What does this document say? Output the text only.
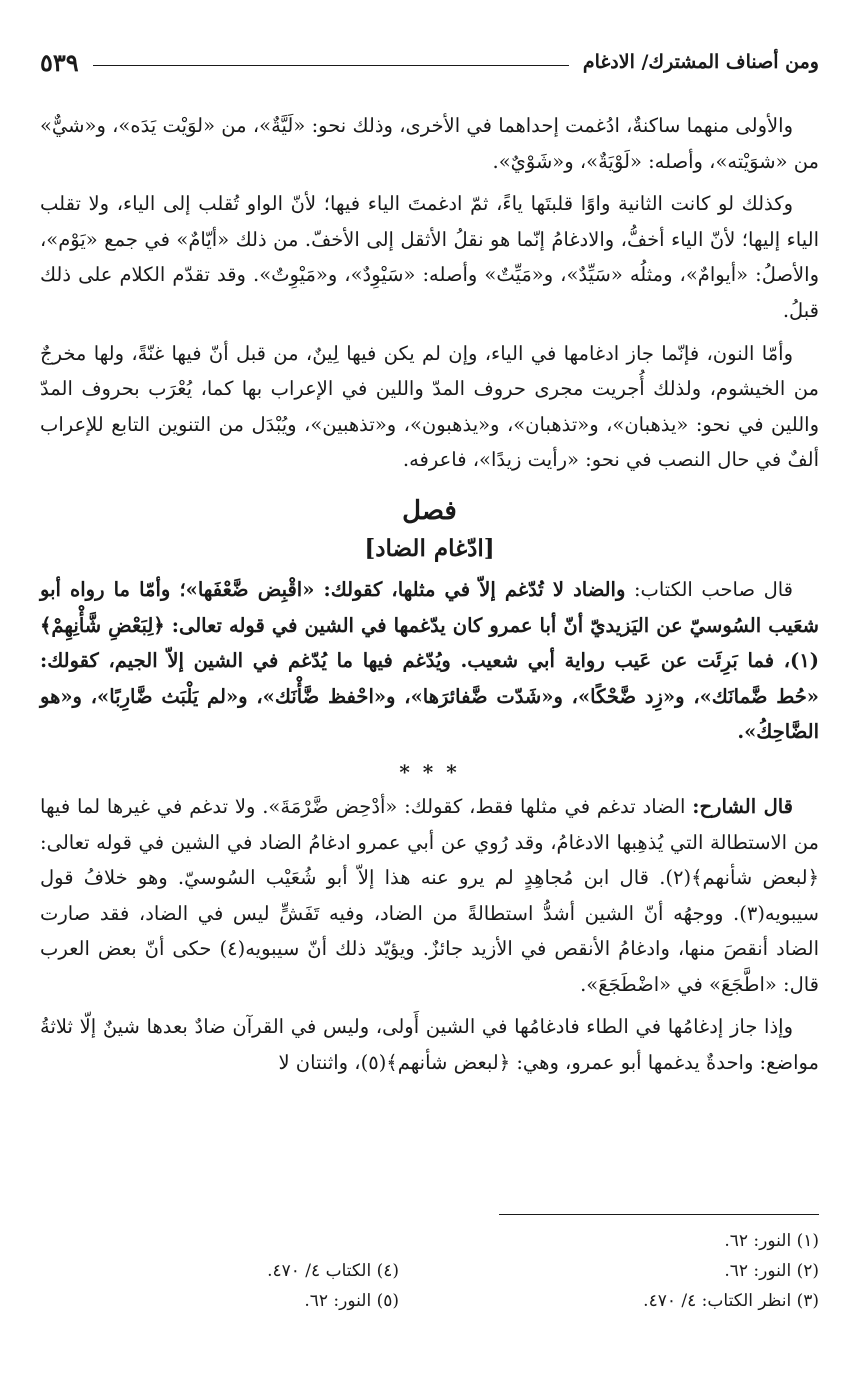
ومن أصناف المشترك/ الادغام
٥٣٩

والأولى منهما ساكنةٌ، ادُغمت إحداهما في الأخرى، وذلك نحو: «لَيَّةٌ»، من «لوَيْت يَدَه»، و«شيٌّ» من «شوَيْته»، وأصله: «لَوْيَةٌ»، و«شَوْيٌ».

وكذلك لو كانت الثانية واوًا قلبتَها ياءً، ثمّ ادغمتَ الياء فيها؛ لأنّ الواو تُقلب إلى الياء، ولا تقلب الياء إليها؛ لأنّ الياء أخفُّ، والادغامُ إنّما هو نقلُ الأثقل إلى الأخفّ. من ذلك «أيّامٌ» في جمع «يَوْم»، والأصلُ: «أيوامٌ»، ومثلُه «سَيِّدٌ»، و«مَيِّتٌ» وأصله: «سَيْوِدٌ»، و«مَيْوِتٌ». وقد تقدّم الكلام على ذلك قبلُ.

وأمّا النون، فإنّما جاز ادغامها في الياء، وإن لم يكن فيها لِينٌ، من قبل أنّ فيها غنّةً، ولها مخرجٌ من الخيشوم، ولذلك أُجريت مجرى حروف المدّ واللين في الإعراب بها كما، يُعْرَب بحروف المدّ واللين في نحو: «يذهبان»، و«تذهبان»، و«يذهبون»، و«تذهبين»، ويُبْدَل من التنوين التابع للإعراب ألفٌ في حال النصب في نحو: «رأيت زيدًا»، فاعرفه.

فصل
[ادّغام الضاد]

قال صاحب الكتاب: والضاد لا تُدّغم إلاّ في مثلها، كقولك: «اقْبِض ضَّعْفَها»؛ وأمّا ما رواه أبو شعَيب السُوسيّ عن اليَزيديّ أنّ أبا عمرو كان يدّغمها في الشين في قوله تعالى: ﴿لِبَعْضِ شَّأْنِهِمْ﴾(١)، فما بَرِئَت عن عَيب رواية أبي شعيب. ويُدّغم فيها ما يُدّغم في الشين إلاّ الجيم، كقولك: «حُط ضَّمانَك»، و«زِد ضَّحْكًا»، و«شَدّت ضَّفائرَها»، و«احْفظ ضَّأْنَك»، و«لم يَلْبَث ضَّارِبًا»، و«هو الضَّاحِكُ».

* * *

قال الشارح: الضاد تدغم في مثلها فقط، كقولك: «أدْحِض ضَّرْمَةَ». ولا تدغم في غيرها لما فيها من الاستطالة التي يُذهِبها الادغامُ، وقد رُوي عن أبي عمرو ادغامُ الضاد في الشين في قوله تعالى: ﴿لبعض شأنهم﴾(٢). قال ابن مُجاهِدٍ لم يرو عنه هذا إلاّ أبو شُعَيْب السُوسيّ. وهو خلافُ قول سيبويه(٣). ووجهُه أنّ الشين أشدُّ استطالةً من الضاد، وفيه تَفَشٍّ ليس في الضاد، فقد صارت الضاد أنقصَ منها، وادغامُ الأنقص في الأزيد جائزٌ. ويؤيّد ذلك أنّ سيبويه(٤) حكى أنّ بعض العرب قال: «اطَّجَعَ» في «اضْطَجَعَ».

وإذا جاز إدغامُها في الطاء فادغامُها في الشين أَولى، وليس في القرآن ضادٌ بعدها شينٌ إلّا ثلاثةُ مواضع: واحدةٌ يدغمها أبو عمرو، وهي: ﴿لبعض شأنهم﴾(٥)، واثنتان لا

(١) النور: ٦٢.
(٢) النور: ٦٢.
(٤) الكتاب ٤/ ٤٧٠.
(٣) انظر الكتاب: ٤/ ٤٧٠.
(٥) النور: ٦٢.
